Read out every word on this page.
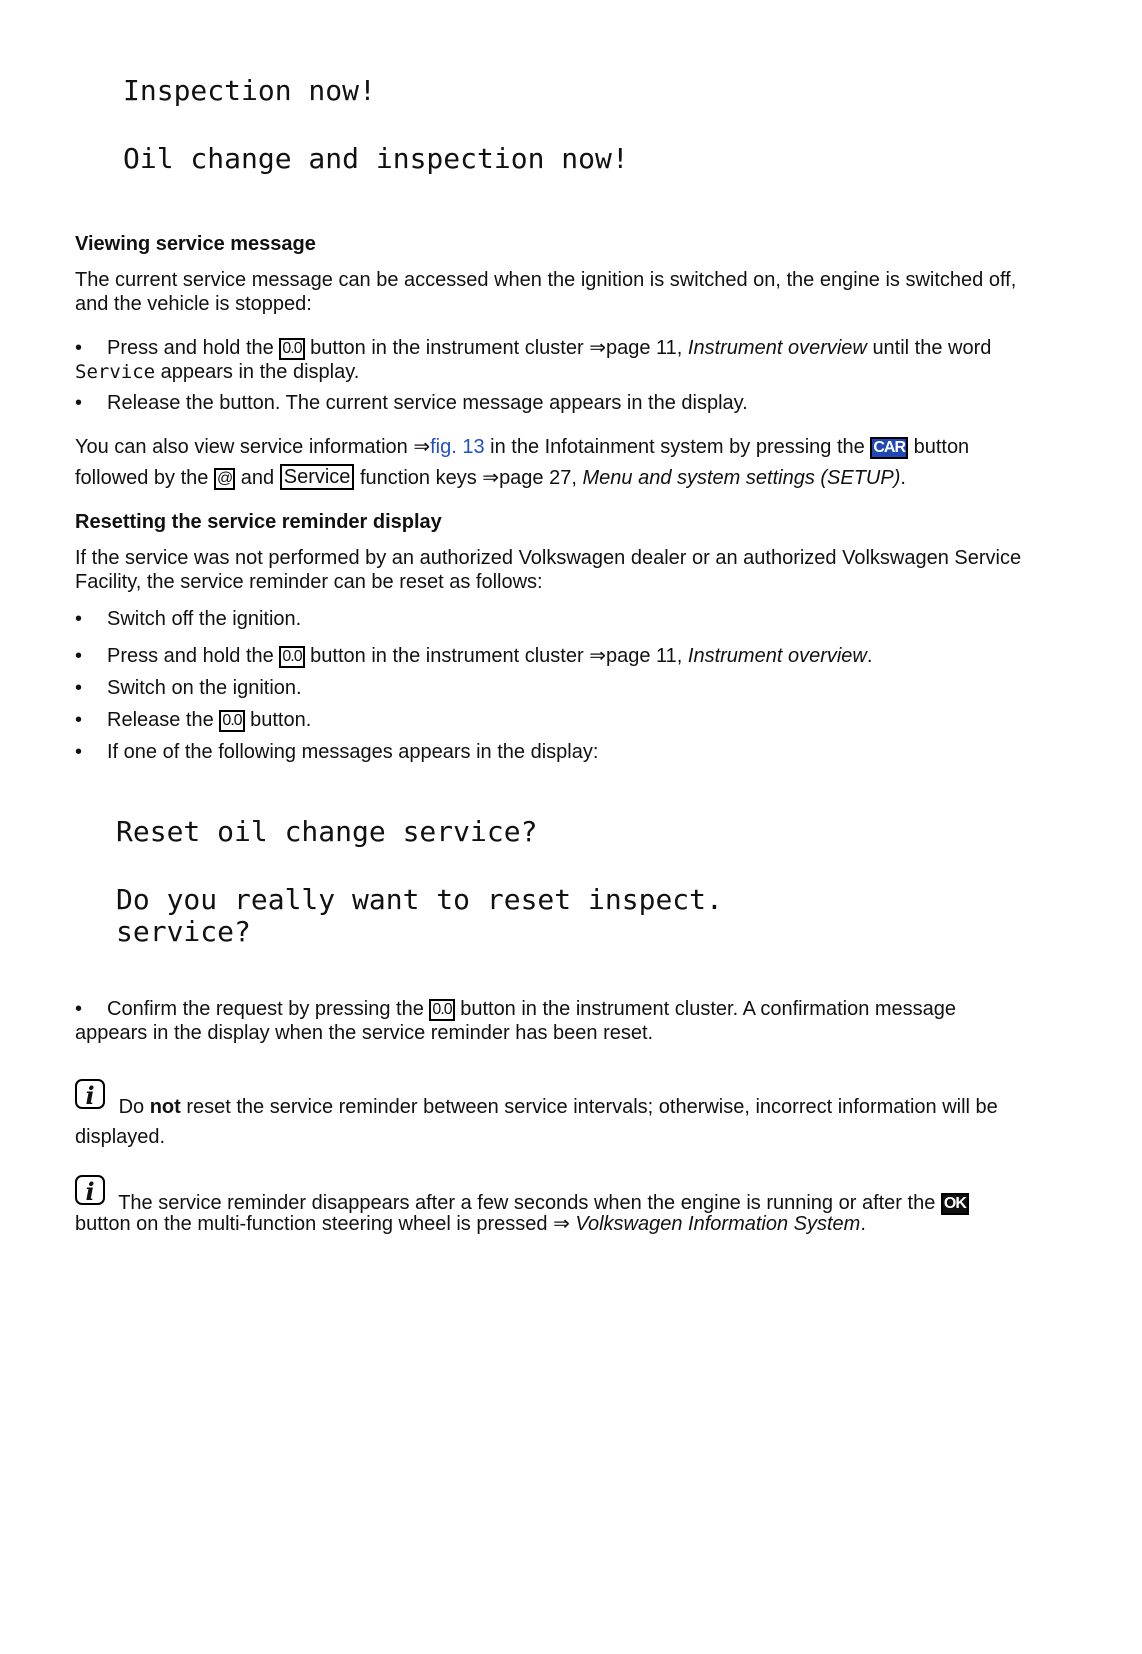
Inspection now!
Oil change and inspection now!
Viewing service message
The current service message can be accessed when the ignition is switched on, the engine is switched off, and the vehicle is stopped:
• Press and hold the 0.0 button in the instrument cluster ⇒page 11, Instrument overview until the word Service appears in the display.
• Release the button. The current service message appears in the display.
You can also view service information ⇒fig. 13 in the Infotainment system by pressing the CAR button followed by the @ and Service function keys ⇒page 27, Menu and system settings (SETUP).
Resetting the service reminder display
If the service was not performed by an authorized Volkswagen dealer or an authorized Volkswagen Service Facility, the service reminder can be reset as follows:
• Switch off the ignition.
• Press and hold the 0.0 button in the instrument cluster ⇒page 11, Instrument overview.
• Switch on the ignition.
• Release the 0.0 button.
• If one of the following messages appears in the display:
Reset oil change service?
Do you really want to reset inspect.
service?
• Confirm the request by pressing the 0.0 button in the instrument cluster. A confirmation message appears in the display when the service reminder has been reset.
i Do not reset the service reminder between service intervals; otherwise, incorrect information will be displayed.
i The service reminder disappears after a few seconds when the engine is running or after the OK
button on the multi-function steering wheel is pressed ⇒ Volkswagen Information System.
